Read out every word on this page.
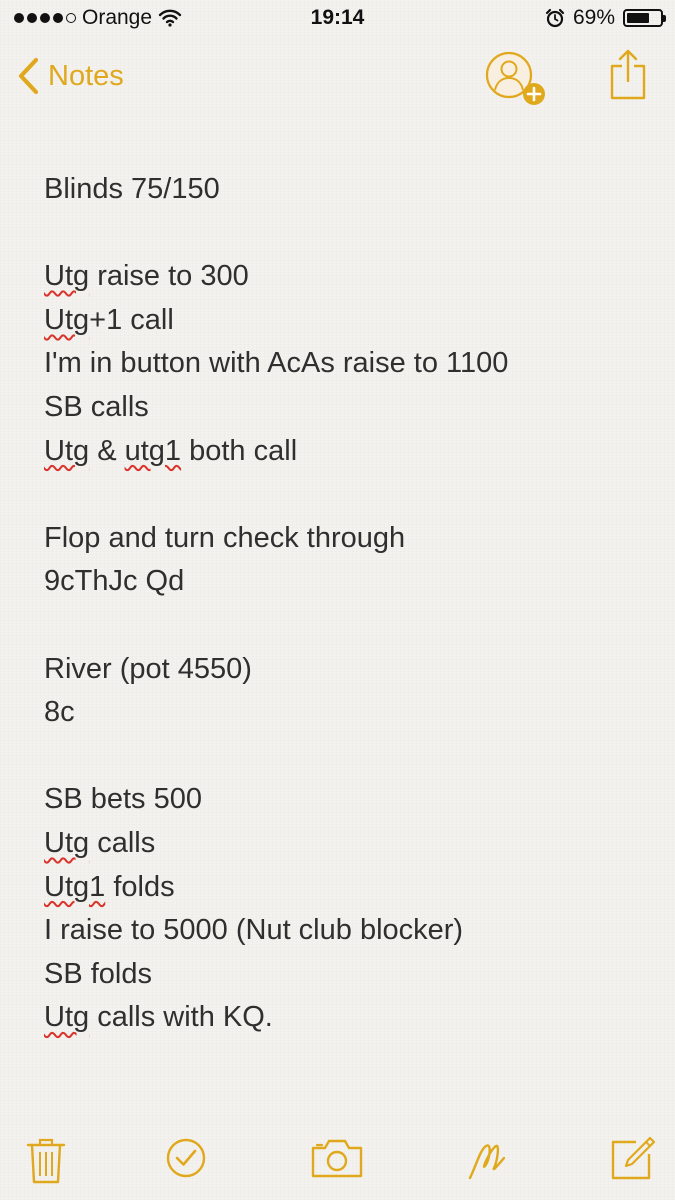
Orange	19:14	69%
Notes
Blinds 75/150

Utg raise to 300
Utg+1 call
I'm in button with AcAs raise to 1100
SB calls
Utg & utg1 both call

Flop and turn check through
9cThJc Qd

River (pot 4550)
8c

SB bets 500
Utg calls
Utg1 folds
I raise to 5000 (Nut club blocker)
SB folds
Utg calls with KQ.
